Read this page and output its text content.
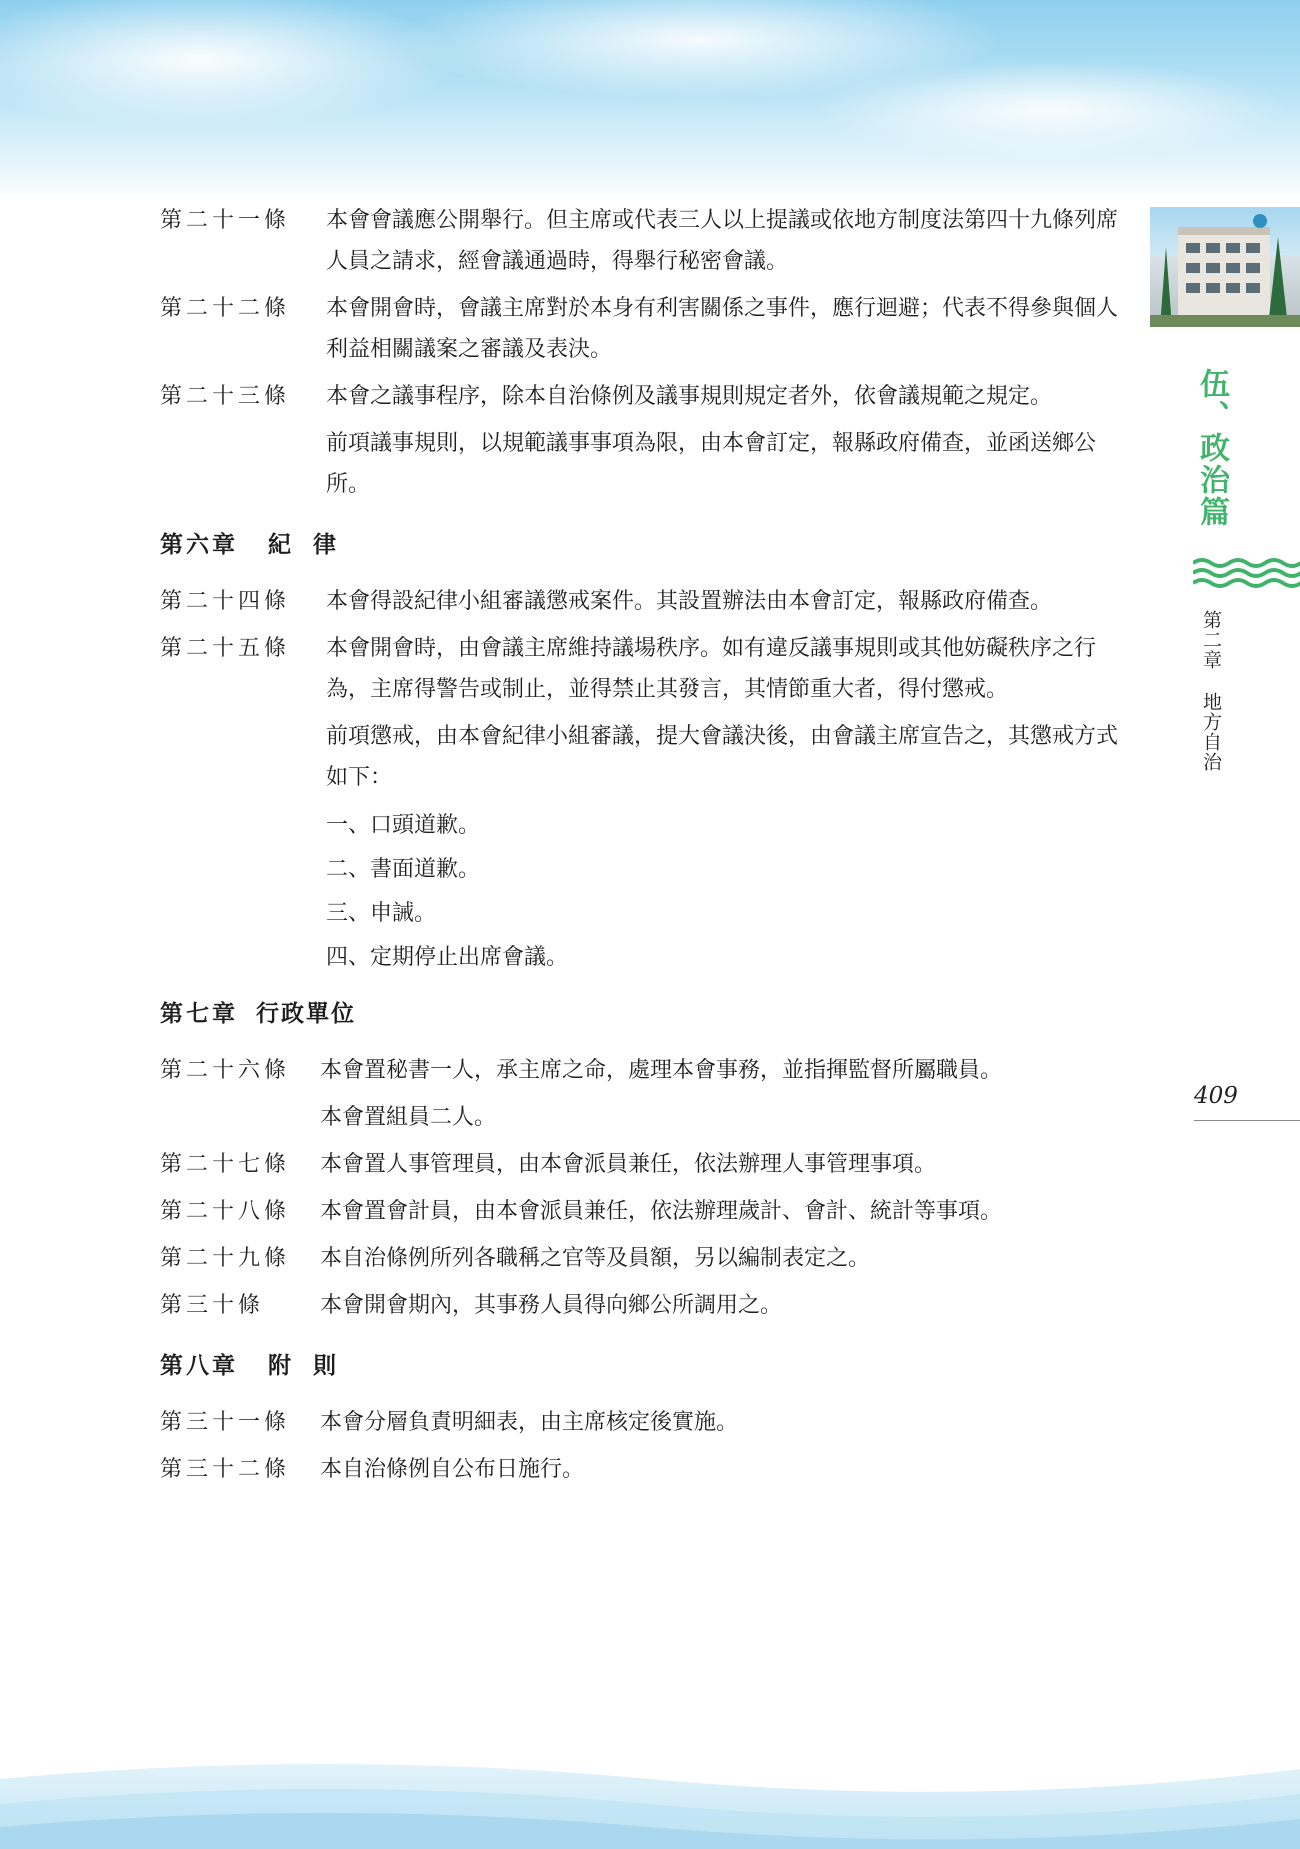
伍、政治篇
第二章地方自治
409
第二十一條	本會會議應公開舉行。但主席或代表三人以上提議或依地方制度法第四十九條列席人員之請求，經會議通過時，得舉行秘密會議。
第二十二條	本會開會時，會議主席對於本身有利害關係之事件，應行迴避；代表不得參與個人利益相關議案之審議及表決。
第二十三條	本會之議事程序，除本自治條例及議事規則規定者外，依會議規範之規定。
前項議事規則，以規範議事事項為限，由本會訂定，報縣政府備查，並函送鄉公所。
第六章 紀律
第二十四條	本會得設紀律小組審議懲戒案件。其設置辦法由本會訂定，報縣政府備查。
第二十五條	本會開會時，由會議主席維持議場秩序。如有違反議事規則或其他妨礙秩序之行為，主席得警告或制止，並得禁止其發言，其情節重大者，得付懲戒。
前項懲戒，由本會紀律小組審議，提大會議決後，由會議主席宣告之，其懲戒方式如下：
一、口頭道歉。
二、書面道歉。
三、申誡。
四、定期停止出席會議。
第七章 行政單位
第二十六條	本會置秘書一人，承主席之命，處理本會事務，並指揮監督所屬職員。
本會置組員二人。
第二十七條	本會置人事管理員，由本會派員兼任，依法辦理人事管理事項。
第二十八條	本會置會計員，由本會派員兼任，依法辦理歲計、會計、統計等事項。
第二十九條	本自治條例所列各職稱之官等及員額，另以編制表定之。
第三十條	本會開會期內，其事務人員得向鄉公所調用之。
第八章 附則
第三十一條	本會分層負責明細表，由主席核定後實施。
第三十二條	本自治條例自公布日施行。
